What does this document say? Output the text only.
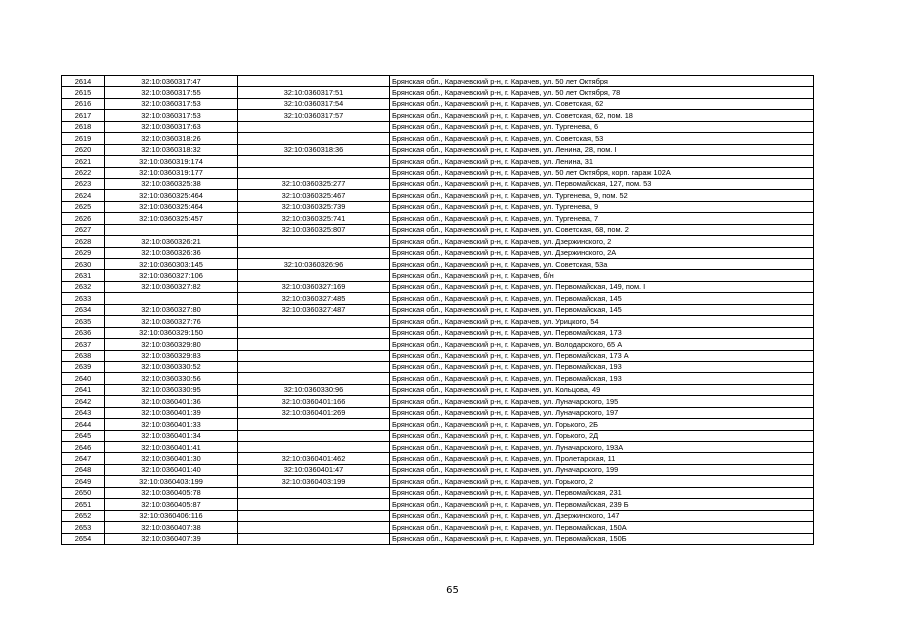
2614	32:10:0360317:47		Брянская обл., Карачевский р-н, г. Карачев, ул. 50 лет Октября
2615	32:10:0360317:55	32:10:0360317:51	Брянская обл., Карачевский р-н, г. Карачев, ул. 50 лет Октября, 78
2616	32:10:0360317:53	32:10:0360317:54	Брянская обл., Карачевский р-н, г. Карачев, ул. Советская, 62
2617	32:10:0360317:53	32:10:0360317:57	Брянская обл., Карачевский р-н, г. Карачев, ул. Советская, 62, пом. 18
2618	32:10:0360317:63		Брянская обл., Карачевский р-н, г. Карачев, ул. Тургенева, 6
2619	32:10:0360318:26		Брянская обл., Карачевский р-н, г. Карачев, ул. Советская, 53
2620	32:10:0360318:32	32:10:0360318:36	Брянская обл., Карачевский р-н, г. Карачев, ул. Ленина, 28, пом. I
2621	32:10:0360319:174		Брянская обл., Карачевский р-н, г. Карачев, ул. Ленина, 31
2622	32:10:0360319:177		Брянская обл., Карачевский р-н, г. Карачев, ул. 50 лет Октября, корп. гараж 102А
2623	32:10:0360325:38	32:10:0360325:277	Брянская обл., Карачевский р-н, г. Карачев, ул. Первомайская, 127, пом. 53
2624	32:10:0360325:464	32:10:0360325:467	Брянская обл., Карачевский р-н, г. Карачев, ул. Тургенева, 9, пом. 52
2625	32:10:0360325:464	32:10:0360325:739	Брянская обл., Карачевский р-н, г. Карачев, ул. Тургенева, 9
2626	32:10:0360325:457	32:10:0360325:741	Брянская обл., Карачевский р-н, г. Карачев, ул. Тургенева, 7
2627		32:10:0360325:807	Брянская обл., Карачевский р-н, г. Карачев, ул. Советская, 68, пом. 2
2628	32:10:0360326:21		Брянская обл., Карачевский р-н, г. Карачев, ул. Дзержинского, 2
2629	32:10:0360326:36		Брянская обл., Карачевский р-н, г. Карачев, ул. Дзержинского, 2А
2630	32:10:0360303:145	32:10:0360326:96	Брянская обл., Карачевский р-н, г. Карачев, ул. Советская, 53а
2631	32:10:0360327:106		Брянская обл., Карачевский р-н, г. Карачев, б/н
2632	32:10:0360327:82	32:10:0360327:169	Брянская обл., Карачевский р-н, г. Карачев, ул. Первомайская, 149, пом. I
2633		32:10:0360327:485	Брянская обл., Карачевский р-н, г. Карачев, ул. Первомайская, 145
2634	32:10:0360327:80	32:10:0360327:487	Брянская обл., Карачевский р-н, г. Карачев, ул. Первомайская, 145
2635	32:10:0360327:76		Брянская обл., Карачевский р-н, г. Карачев, ул. Урицкого, 54
2636	32:10:0360329:150		Брянская обл., Карачевский р-н, г. Карачев, ул. Первомайская, 173
2637	32:10:0360329:80		Брянская обл., Карачевский р-н, г. Карачев, ул. Володарского, 65 А
2638	32:10:0360329:83		Брянская обл., Карачевский р-н, г. Карачев, ул. Первомайская, 173 А
2639	32:10:0360330:52		Брянская обл., Карачевский р-н, г. Карачев, ул. Первомайская, 193
2640	32:10:0360330:56		Брянская обл., Карачевский р-н, г. Карачев, ул. Первомайская, 193
2641	32:10:0360330:95	32:10:0360330:96	Брянская обл., Карачевский р-н, г. Карачев, ул. Кольцова, 49
2642	32:10:0360401:36	32:10:0360401:166	Брянская обл., Карачевский р-н, г. Карачев, ул. Луначарского, 195
2643	32:10:0360401:39	32:10:0360401:269	Брянская обл., Карачевский р-н, г. Карачев, ул. Луначарского, 197
2644	32:10:0360401:33		Брянская обл., Карачевский р-н, г. Карачев, ул. Горького, 2Б
2645	32:10:0360401:34		Брянская обл., Карачевский р-н, г. Карачев, ул. Горького, 2Д
2646	32:10:0360401:41		Брянская обл., Карачевский р-н, г. Карачев, ул. Луначарского, 193А
2647	32:10:0360401:30	32:10:0360401:462	Брянская обл., Карачевский р-н, г. Карачев, ул. Пролетарская, 11
2648	32:10:0360401:40	32:10:0360401:47	Брянская обл., Карачевский р-н, г. Карачев, ул. Луначарского, 199
2649	32:10:0360403:199	32:10:0360403:199	Брянская обл., Карачевский р-н, г. Карачев, ул. Горького, 2
2650	32:10:0360405:78		Брянская обл., Карачевский р-н, г. Карачев, ул. Первомайская, 231
2651	32:10:0360405:87		Брянская обл., Карачевский р-н, г. Карачев, ул. Первомайская, 239 Б
2652	32:10:0360406:116		Брянская обл., Карачевский р-н, г. Карачев, ул. Дзержинского, 147
2653	32:10:0360407:38		Брянская обл., Карачевский р-н, г. Карачев, ул. Первомайская, 150А
2654	32:10:0360407:39		Брянская обл., Карачевский р-н, г. Карачев, ул. Первомайская, 150Б
65
